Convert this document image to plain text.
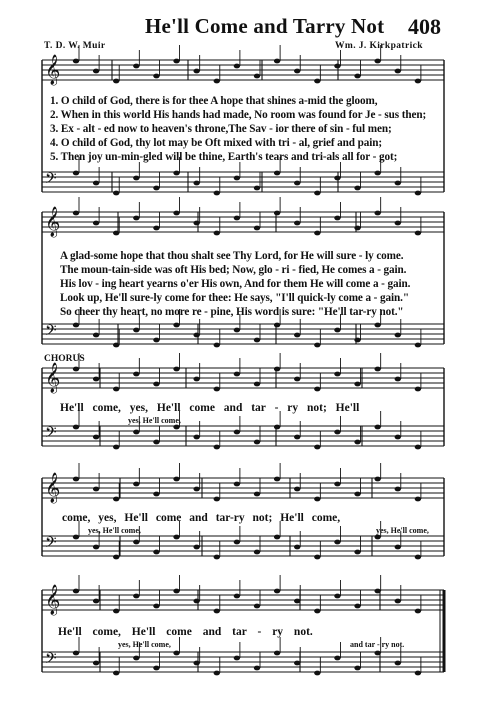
He'll Come and Tarry Not 408
T. D. W. Muir	Wm. J. Kirkpatrick
𝄞
𝄢
𝄞
𝄢
𝄞
𝄢
𝄞
𝄢
𝄞
𝄢
1. O child of God, there is for thee A hope that shines a-mid the gloom,
2. When in this world His hands had made, No room was found for Je - sus then;
3. Ex - alt - ed now to heaven's throne,The Sav - ior there of sin - ful men;
4. O child of God, thy lot may be Oft mixed with tri - al, grief and pain;
5. Then joy un-min-gled will be thine, Earth's tears and tri-als all for - got;
A glad-some hope that thou shalt see Thy Lord, for He will sure - ly come.
The moun-tain-side was oft His bed; Now, glo - ri - fied, He comes a - gain.
His lov - ing heart yearns o'er His own, And for them He will come a - gain.
Look up, He'll sure-ly come for thee: He says, "I'll quick-ly come a - gain."
So cheer thy heart, no more re - pine, His word is sure: "He'll tar-ry not."
CHORUS
He'll come, yes, He'll come and tar - ry not; He'll
yes, He'll come,
come, yes, He'll come and tar-ry not; He'll come,
yes, He'll come,	yes, He'll come,
He'll come, He'll come and tar - ry not.
yes, He'll come,	and tar - ry not.
